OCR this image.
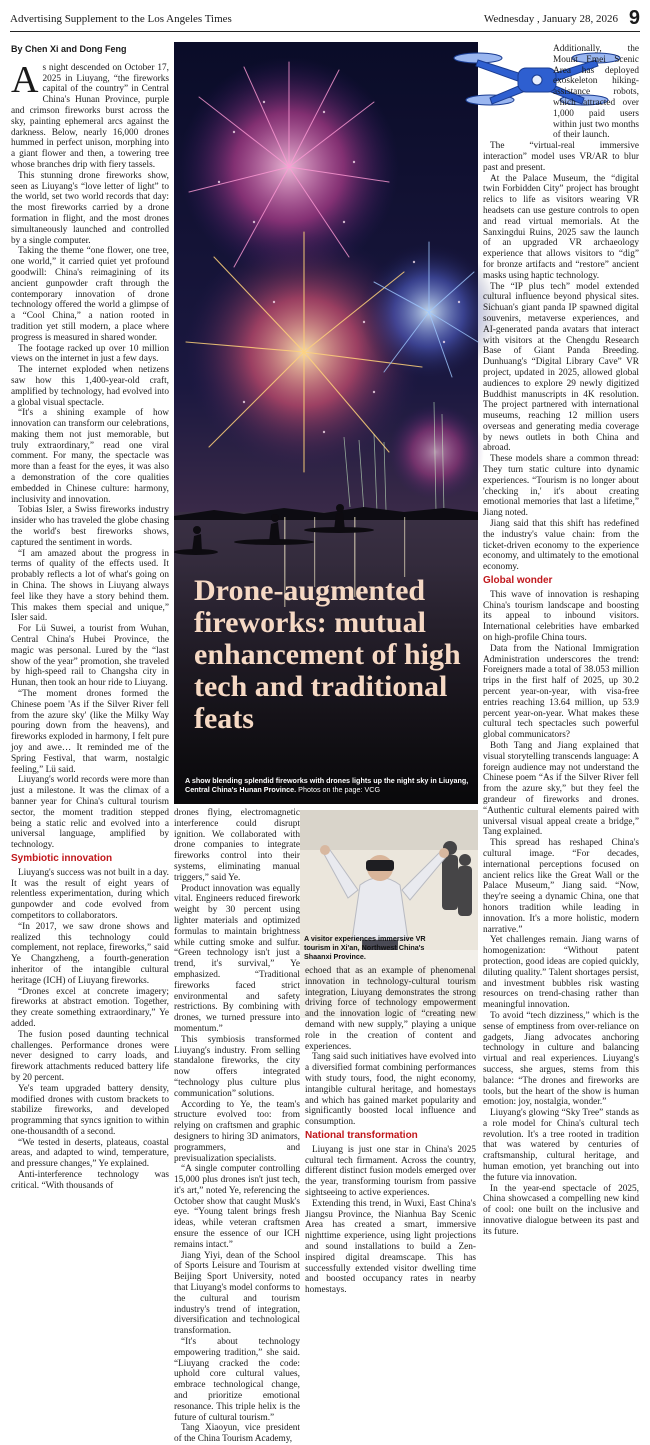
Advertising Supplement to the Los Angeles Times	Wednesday , January 28, 2026 9
By Chen Xi and Dong Feng

As night descended on October 17, 2025 in Liuyang, “the fireworks capital of the country” in Central China's Hunan Province, purple and crimson fireworks burst across the sky, painting ephemeral arcs against the darkness. Below, nearly 16,000 drones hummed in perfect unison, morphing into a giant flower and then, a towering tree whose branches drip with fiery tassels.

This stunning drone fireworks show, seen as Liuyang's “love letter of light” to the world, set two world records that day: the most fireworks carried by a drone formation in flight, and the most drones simultaneously launched and controlled by a single computer.

Taking the theme “one flower, one tree, one world,” it carried quiet yet profound goodwill: China's reimagining of its ancient gunpowder craft through the contemporary innovation of drone technology offered the world a glimpse of a “Cool China,” a nation rooted in tradition yet still modern, a place where progress is measured in shared wonder.

The footage racked up over 10 million views on the internet in just a few days.

The internet exploded when netizens saw how this 1,400-year-old craft, amplified by technology, had evolved into a global visual spectacle.

“It's a shining example of how innovation can transform our celebrations, making them not just memorable, but truly extraordinary,” read one viral comment. For many, the spectacle was more than a feast for the eyes, it was also a demonstration of the core qualities embedded in Chinese culture: harmony, inclusivity and innovation.

Tobias Isler, a Swiss fireworks industry insider who has traveled the globe chasing the world's best fireworks shows, captured the sentiment in words.

“I am amazed about the progress in terms of quality of the effects used. It probably reflects a lot of what's going on in China. The shows in Liuyang always feel like they have a story behind them. This makes them special and unique,” Isler said.

For Lü Suwei, a tourist from Wuhan, Central China's Hubei Province, the magic was personal. Lured by the “last show of the year” promotion, she traveled by high-speed rail to Changsha city in Hunan, then took an hour ride to Liuyang.

“The moment drones formed the Chinese poem 'As if the Silver River fell from the azure sky' (like the Milky Way pouring down from the heavens), and fireworks exploded in harmony, I felt pure joy and awe… It reminded me of the Spring Festival, that warm, nostalgic feeling,” Lü said.

Liuyang's world records were more than just a milestone. It was the climax of a banner year for China's cultural tourism sector, the moment tradition stepped being a static relic and evolved into a universal language, amplified by technology.

Symbiotic innovation

Liuyang's success was not built in a day. It was the result of eight years of relentless experimentation, during which gunpowder and code evolved from competitors to collaborators.

“In 2017, we saw drone shows and realized this technology could complement, not replace, fireworks,” said Ye Changzheng, a fourth-generation inheritor of the intangible cultural heritage (ICH) of Liuyang fireworks.

“Drones excel at concrete imagery; fireworks at abstract emotion. Together, they create something extraordinary,” Ye added.

The fusion posed daunting technical challenges. Performance drones were never designed to carry loads, and firework attachments reduced battery life by 20 percent.

Ye's team upgraded battery density, modified drones with custom brackets to stabilize fireworks, and developed programming that syncs ignition to within one-thousandth of a second.

“We tested in deserts, plateaus, coastal areas, and adapted to wind, temperature, and pressure changes,” Ye explained.

Anti-interference technology was critical. “With thousands of

Drone-augmented fireworks: mutual enhancement of high tech and traditional feats
A show blending splendid fireworks with drones lights up the night sky in Liuyang, Central China's Hunan Province. Photos on the page: VCG

drones flying, electromagnetic interference could disrupt ignition. We collaborated with drone companies to integrate fireworks control into their systems, eliminating manual triggers,” said Ye.

Product innovation was equally vital. Engineers reduced firework weight by 30 percent using lighter materials and optimized formulas to maintain brightness while cutting smoke and sulfur. “Green technology isn't just a trend, it's survival,” Ye emphasized. “Traditional fireworks faced strict environmental and safety restrictions. By combining with drones, we turned pressure into momentum.”

This symbiosis transformed Liuyang's industry. From selling standalone fireworks, the city now offers integrated “technology plus culture plus communication” solutions.

According to Ye, the team's structure evolved too: from relying on craftsmen and graphic designers to hiring 3D animators, programmers, and previsualization specialists.

“A single computer controlling 15,000 plus drones isn't just tech, it's art,” noted Ye, referencing the October show that caught Musk's eye. “Young talent brings fresh ideas, while veteran craftsmen ensure the essence of our ICH remains intact.”

Jiang Yiyi, dean of the School of Sports Leisure and Tourism at Beijing Sport University, noted that Liuyang's model conforms to the cultural and tourism industry's trend of integration, diversification and technological transformation.

“It's about technology empowering tradition,” she said. “Liuyang cracked the code: uphold core cultural values, embrace technological change, and prioritize emotional resonance. This triple helix is the future of cultural tourism.”

Tang Xiaoyun, vice president of the China Tourism Academy,

A visitor experiences immersive VR tourism in Xi'an, Northwest China's Shaanxi Province.

echoed that as an example of phenomenal innovation in technology-cultural tourism integration, Liuyang demonstrates the strong driving force of technology empowerment and the innovation logic of “creating new demand with new supply,” playing a unique role in the creation of content and experiences.

Tang said such initiatives have evolved into a diversified format combining performances with study tours, food, the night economy, intangible cultural heritage, and homestays and which has gained market popularity and significantly boosted local influence and consumption.

National transformation

Liuyang is just one star in China's 2025 cultural tech firmament. Across the country, different distinct fusion models emerged over the year, transforming tourism from passive sightseeing to active experiences.

Extending this trend, in Wuxi, East China's Jiangsu Province, the Nianhua Bay Scenic Area has created a smart, immersive nighttime experience, using light projections and sound installations to build a Zen-inspired digital dreamscape. This has successfully extended visitor dwelling time and boosted occupancy rates in nearby homestays.

Additionally, the Mount Emei Scenic Area has deployed exoskeleton hiking-assistance robots, which attracted over 1,000 paid users within just two months of their launch.

The “virtual-real immersive interaction” model uses VR/AR to blur past and present.

At the Palace Museum, the “digital twin Forbidden City” project has brought relics to life as visitors wearing VR headsets can use gesture controls to open and read virtual memorials. At the Sanxingdui Ruins, 2025 saw the launch of an upgraded VR archaeology experience that allows visitors to “dig” for bronze artifacts and “restore” ancient masks using haptic technology.

The “IP plus tech” model extended cultural influence beyond physical sites. Sichuan's giant panda IP spawned digital souvenirs, metaverse experiences, and AI-generated panda avatars that interact with visitors at the Chengdu Research Base of Giant Panda Breeding. Dunhuang's “Digital Library Cave” VR project, updated in 2025, allowed global audiences to explore 29 newly digitized Buddhist manuscripts in 4K resolution. The project partnered with international museums, reaching 12 million users overseas and generating media coverage by news outlets in both China and abroad.

These models share a common thread: They turn static culture into dynamic experiences. “Tourism is no longer about 'checking in,' it's about creating emotional memories that last a lifetime,” Jiang noted.

Jiang said that this shift has redefined the industry's value chain: from the ticket-driven economy to the experience economy, and ultimately to the emotional economy.

Global wonder

This wave of innovation is reshaping China's tourism landscape and boosting its appeal to inbound visitors. International celebrities have embarked on high-profile China tours.

Data from the National Immigration Administration underscores the trend: Foreigners made a total of 38.053 million trips in the first half of 2025, up 30.2 percent year-on-year, with visa-free entries reaching 13.64 million, up 53.9 percent year-on-year. What makes these cultural tech spectacles such powerful global communicators?

Both Tang and Jiang explained that visual storytelling transcends language: A foreign audience may not understand the Chinese poem “As if the Silver River fell from the azure sky,” but they feel the grandeur of fireworks and drones. “Authentic cultural elements paired with universal visual appeal create a bridge,” Tang explained.

This spread has reshaped China's cultural image. “For decades, international perceptions focused on ancient relics like the Great Wall or the Palace Museum,” Jiang said. “Now, they're seeing a dynamic China, one that honors tradition while leading in innovation. It's a more holistic, modern narrative.”

Yet challenges remain. Jiang warns of homogenization: “Without patent protection, good ideas are copied quickly, diluting quality.” Talent shortages persist, and investment bubbles risk wasting resources on trend-chasing rather than meaningful innovation.

To avoid “tech dizziness,” which is the sense of emptiness from over-reliance on gadgets, Jiang advocates anchoring technology in culture and balancing virtual and real experiences. Liuyang's success, she argues, stems from this balance: “The drones and fireworks are tools, but the heart of the show is human emotion: joy, nostalgia, wonder.”

Liuyang's glowing “Sky Tree” stands as a role model for China's cultural tech revolution. It's a tree rooted in tradition that was watered by centuries of craftsmanship, cultural heritage, and human emotion, yet branching out into the future via innovation.

In the year-end spectacle of 2025, China showcased a compelling new kind of cool: one built on the inclusive and innovative dialogue between its past and its future.
